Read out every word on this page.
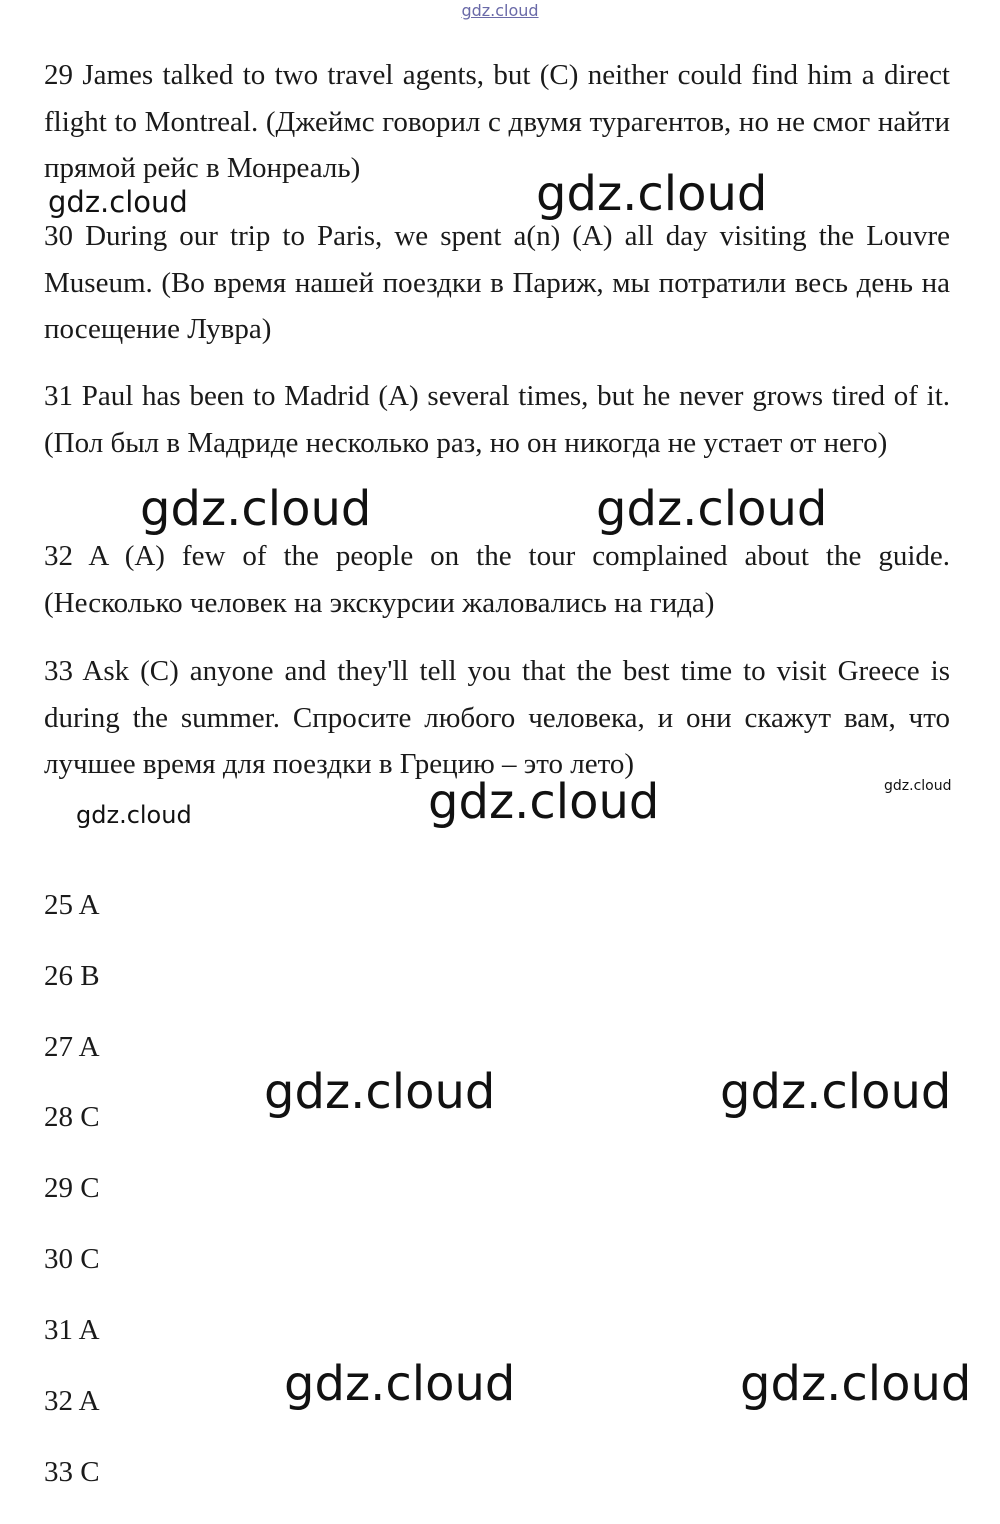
gdz.cloud

29 James talked to two travel agents, but (C) neither could find him a direct flight to Montreal. (Джеймс говорил с двумя турагентов, но не смог найти прямой рейс в Монреаль)

30 During our trip to Paris, we spent a(n) (A) all day visiting the Louvre Museum. (Во время нашей поездки в Париж, мы потратили весь день на посещение Лувра)

31 Paul has been to Madrid (A) several times, but he never grows tired of it. (Пол был в Мадриде несколько раз, но он никогда не устает от него)

32 A (A) few of the people on the tour complained about the guide. (Несколько человек на экскурсии жаловались на гида)

33 Ask (C) anyone and they'll tell you that the best time to visit Greece is during the summer. Спросите любого человека, и они скажут вам, что лучшее время для поездки в Грецию – это лето)

gdz.cloud	gdz.cloud
gdz.cloud	gdz.cloud
gdz.cloud
gdz.cloud
gdz.cloud
gdz.cloud	gdz.cloud
gdz.cloud	gdz.cloud
25 A
26 B
27 A
28 C
29 C
30 C
31 A
32 A
33 C
